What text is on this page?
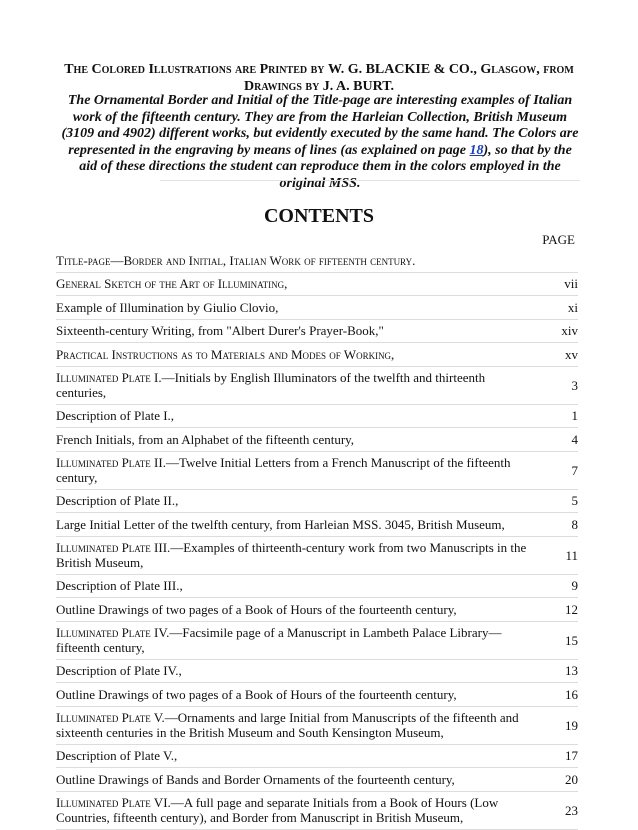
The Colored Illustrations are Printed by W. G. BLACKIE & CO., Glasgow, from Drawings by J. A. BURT.
The Ornamental Border and Initial of the Title-page are interesting examples of Italian work of the fifteenth century. They are from the Harleian Collection, British Museum (3109 and 4902) different works, but evidently executed by the same hand. The Colors are represented in the engraving by means of lines (as explained on page 18), so that by the aid of these directions the student can reproduce them in the colors employed in the original MSS.
CONTENTS
PAGE
Title-page—Border and Initial, Italian Work of fifteenth century.
General Sketch of the Art of Illuminating,	vii
Example of Illumination by Giulio Clovio,	xi
Sixteenth-century Writing, from "Albert Durer's Prayer-Book,"	xiv
Practical Instructions as to Materials and Modes of Working,	xv
Illuminated Plate I.—Initials by English Illuminators of the twelfth and thirteenth centuries,	3
Description of Plate I.,	1
French Initials, from an Alphabet of the fifteenth century,	4
Illuminated Plate II.—Twelve Initial Letters from a French Manuscript of the fifteenth century,	7
Description of Plate II.,	5
Large Initial Letter of the twelfth century, from Harleian MSS. 3045, British Museum,	8
Illuminated Plate III.—Examples of thirteenth-century work from two Manuscripts in the British Museum,	11
Description of Plate III.,	9
Outline Drawings of two pages of a Book of Hours of the fourteenth century,	12
Illuminated Plate IV.—Facsimile page of a Manuscript in Lambeth Palace Library—fifteenth century,	15
Description of Plate IV.,	13
Outline Drawings of two pages of a Book of Hours of the fourteenth century,	16
Illuminated Plate V.—Ornaments and large Initial from Manuscripts of the fifteenth and sixteenth centuries in the British Museum and South Kensington Museum,	19
Description of Plate V.,	17
Outline Drawings of Bands and Border Ornaments of the fourteenth century,	20
Illuminated Plate VI.—A full page and separate Initials from a Book of Hours (Low Countries, fifteenth century), and Border from Manuscript in British Museum,	23
